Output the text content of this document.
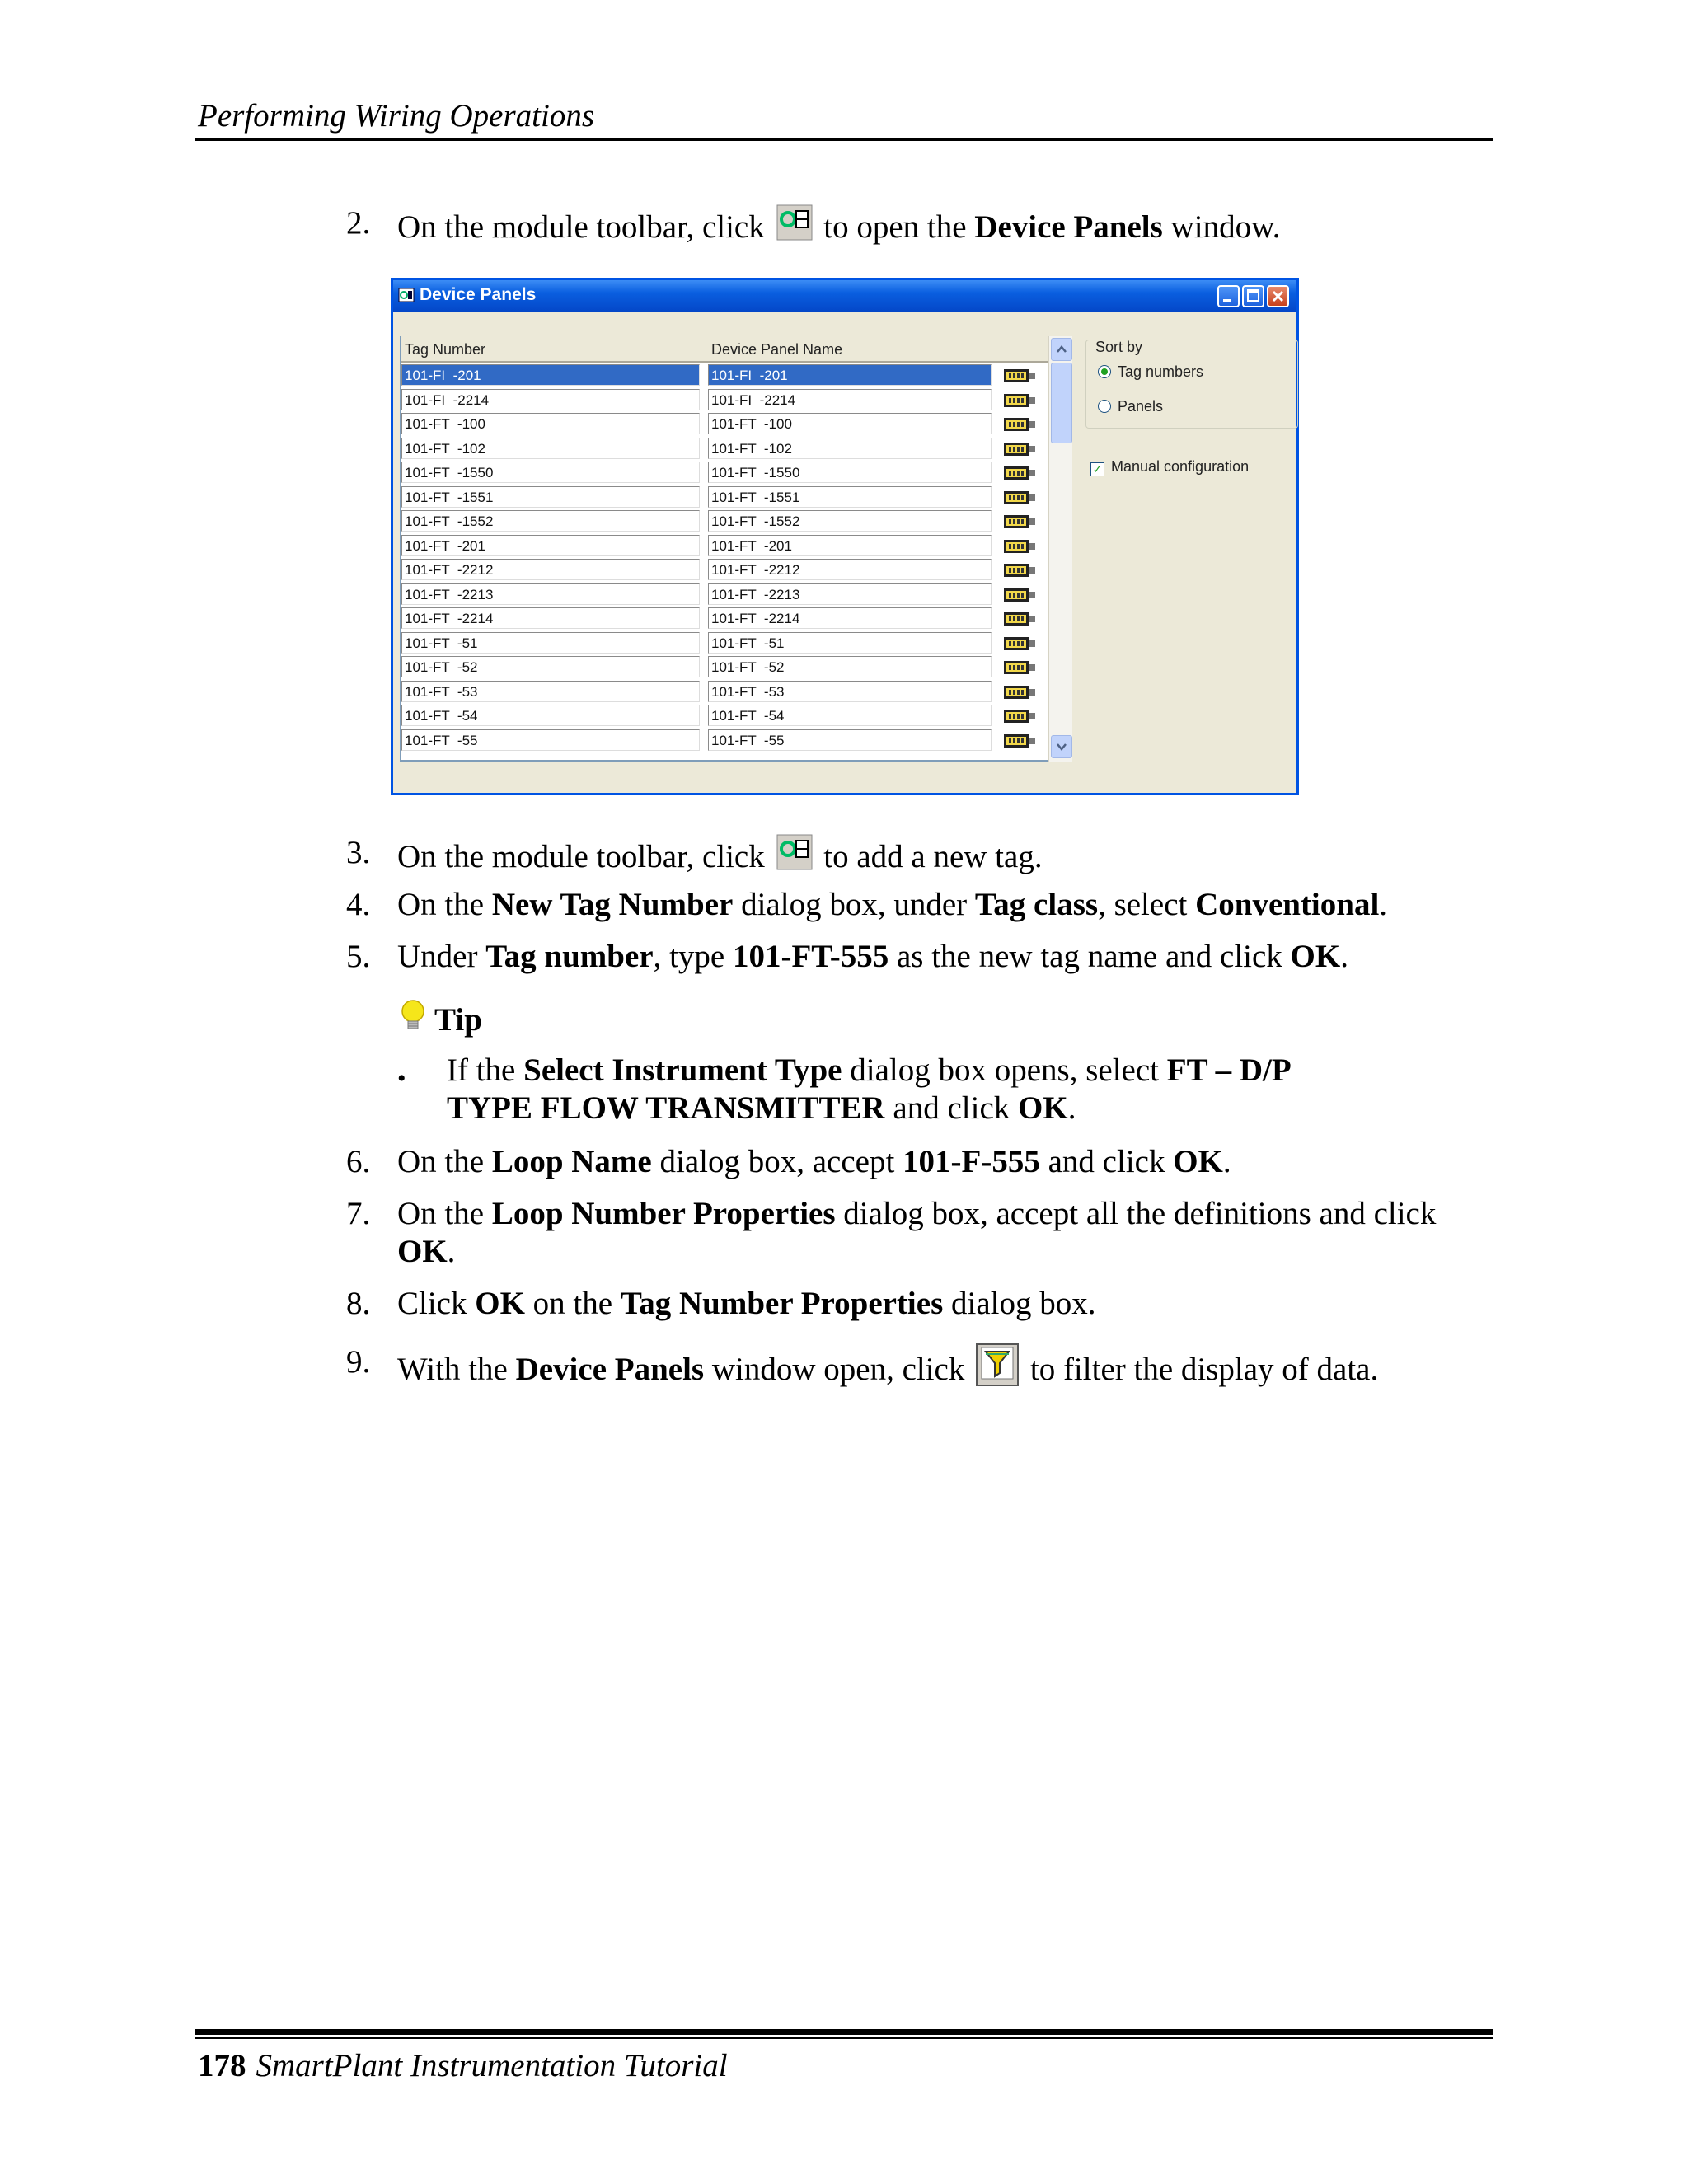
Performing Wiring Operations
2. On the module toolbar, click to open the Device Panels window.
Device Panels
Tag Number	Device Panel Name
101-FI  -201	101-FI  -201
101-FI  -2214	101-FI  -2214
101-FT  -100	101-FT  -100
101-FT  -102	101-FT  -102
101-FT  -1550	101-FT  -1550
101-FT  -1551	101-FT  -1551
101-FT  -1552	101-FT  -1552
101-FT  -201	101-FT  -201
101-FT  -2212	101-FT  -2212
101-FT  -2213	101-FT  -2213
101-FT  -2214	101-FT  -2214
101-FT  -51	101-FT  -51
101-FT  -52	101-FT  -52
101-FT  -53	101-FT  -53
101-FT  -54	101-FT  -54
101-FT  -55	101-FT  -55
Sort by
Tag numbers
Panels
✓ Manual configuration
3. On the module toolbar, click to add a new tag.
4. On the New Tag Number dialog box, under Tag class, select Conventional.
5. Under Tag number, type 101-FT-555 as the new tag name and click OK.
Tip
• If the Select Instrument Type dialog box opens, select FT – D/P
TYPE FLOW TRANSMITTER and click OK.
6. On the Loop Name dialog box, accept 101-F-555 and click OK.
7. On the Loop Number Properties dialog box, accept all the definitions and click
OK.
8. Click OK on the Tag Number Properties dialog box.
9. With the Device Panels window open, click to filter the display of data.
178 SmartPlant Instrumentation Tutorial
